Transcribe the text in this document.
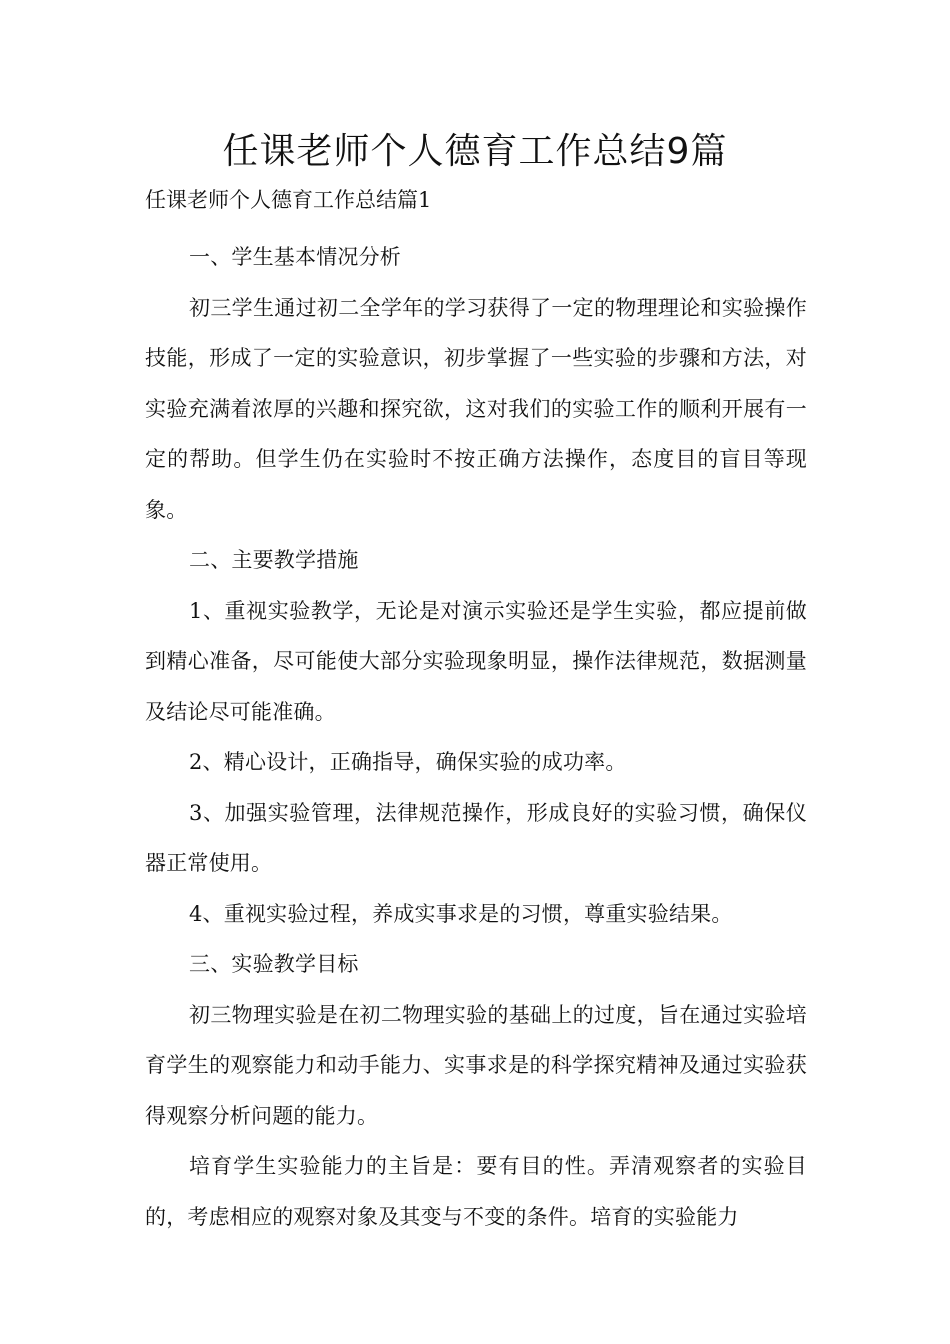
任课老师个人德育工作总结9篇

任课老师个人德育工作总结篇1

一、学生基本情况分析

初三学生通过初二全学年的学习获得了一定的物理理论和实验操作技能，形成了一定的实验意识，初步掌握了一些实验的步骤和方法，对实验充满着浓厚的兴趣和探究欲，这对我们的实验工作的顺利开展有一定的帮助。但学生仍在实验时不按正确方法操作，态度目的盲目等现象。

二、主要教学措施

1、重视实验教学，无论是对演示实验还是学生实验，都应提前做到精心准备，尽可能使大部分实验现象明显，操作法律规范，数据测量及结论尽可能准确。

2、精心设计，正确指导，确保实验的成功率。

3、加强实验管理，法律规范操作，形成良好的实验习惯，确保仪器正常使用。

4、重视实验过程，养成实事求是的习惯，尊重实验结果。

三、实验教学目标

初三物理实验是在初二物理实验的基础上的过度，旨在通过实验培育学生的观察能力和动手能力、实事求是的科学探究精神及通过实验获得观察分析问题的能力。

培育学生实验能力的主旨是：要有目的性。弄清观察者的实验目的，考虑相应的观察对象及其变与不变的条件。培育的实验能力
